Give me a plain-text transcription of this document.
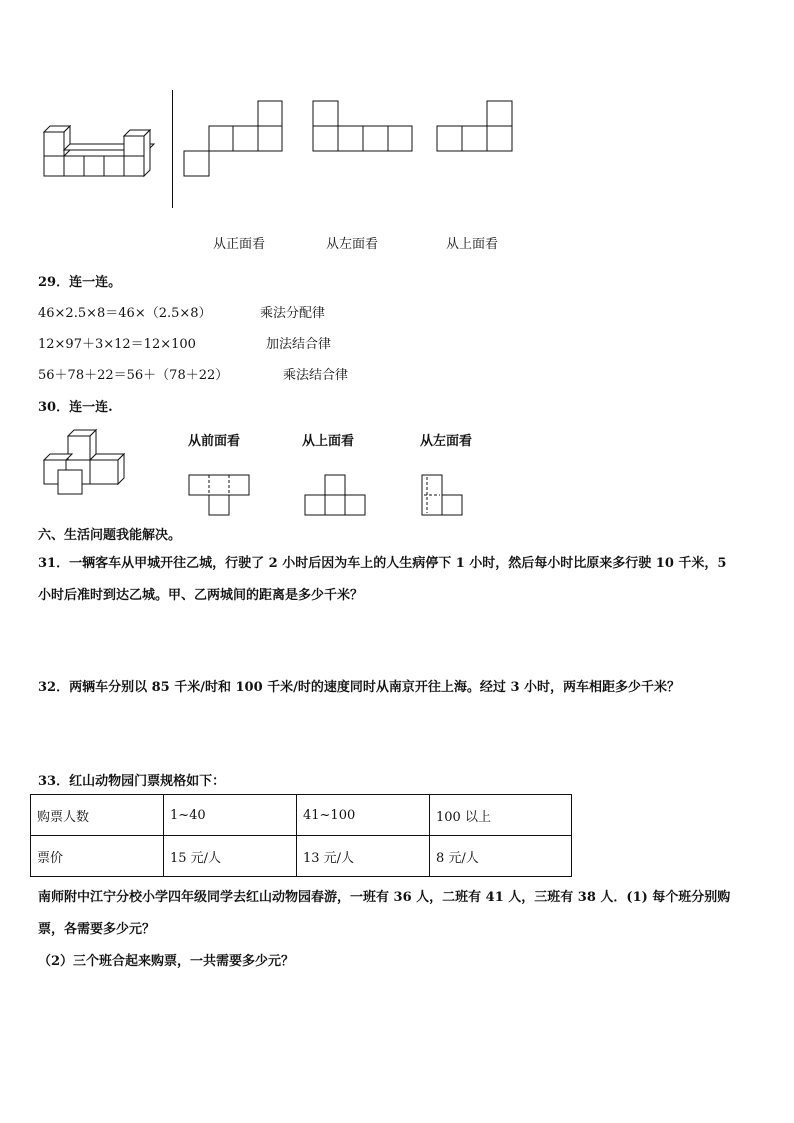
从正面看	从左面看	从上面看
29．连一连。
46×2.5×8＝46×（2.5×8）	乘法分配律
12×97＋3×12＝12×100	加法结合律
56＋78＋22＝56＋（78＋22）	乘法结合律
30．连一连.
从前面看	从上面看	从左面看
六、生活问题我能解决。
31．一辆客车从甲城开往乙城，行驶了 2 小时后因为车上的人生病停下 1 小时，然后每小时比原来多行驶 10 千米，5
小时后准时到达乙城。甲、乙两城间的距离是多少千米？
32．两辆车分别以 85 千米/时和 100 千米/时的速度同时从南京开往上海。经过 3 小时，两车相距多少千米？
33．红山动物园门票规格如下：
购票人数	1~40	41~100	100 以上
票价	15 元/人	13 元/人	8 元/人
南师附中江宁分校小学四年级同学去红山动物园春游，一班有 36 人，二班有 41 人，三班有 38 人．(1) 每个班分别购
票，各需要多少元？
（2）三个班合起来购票，一共需要多少元？
